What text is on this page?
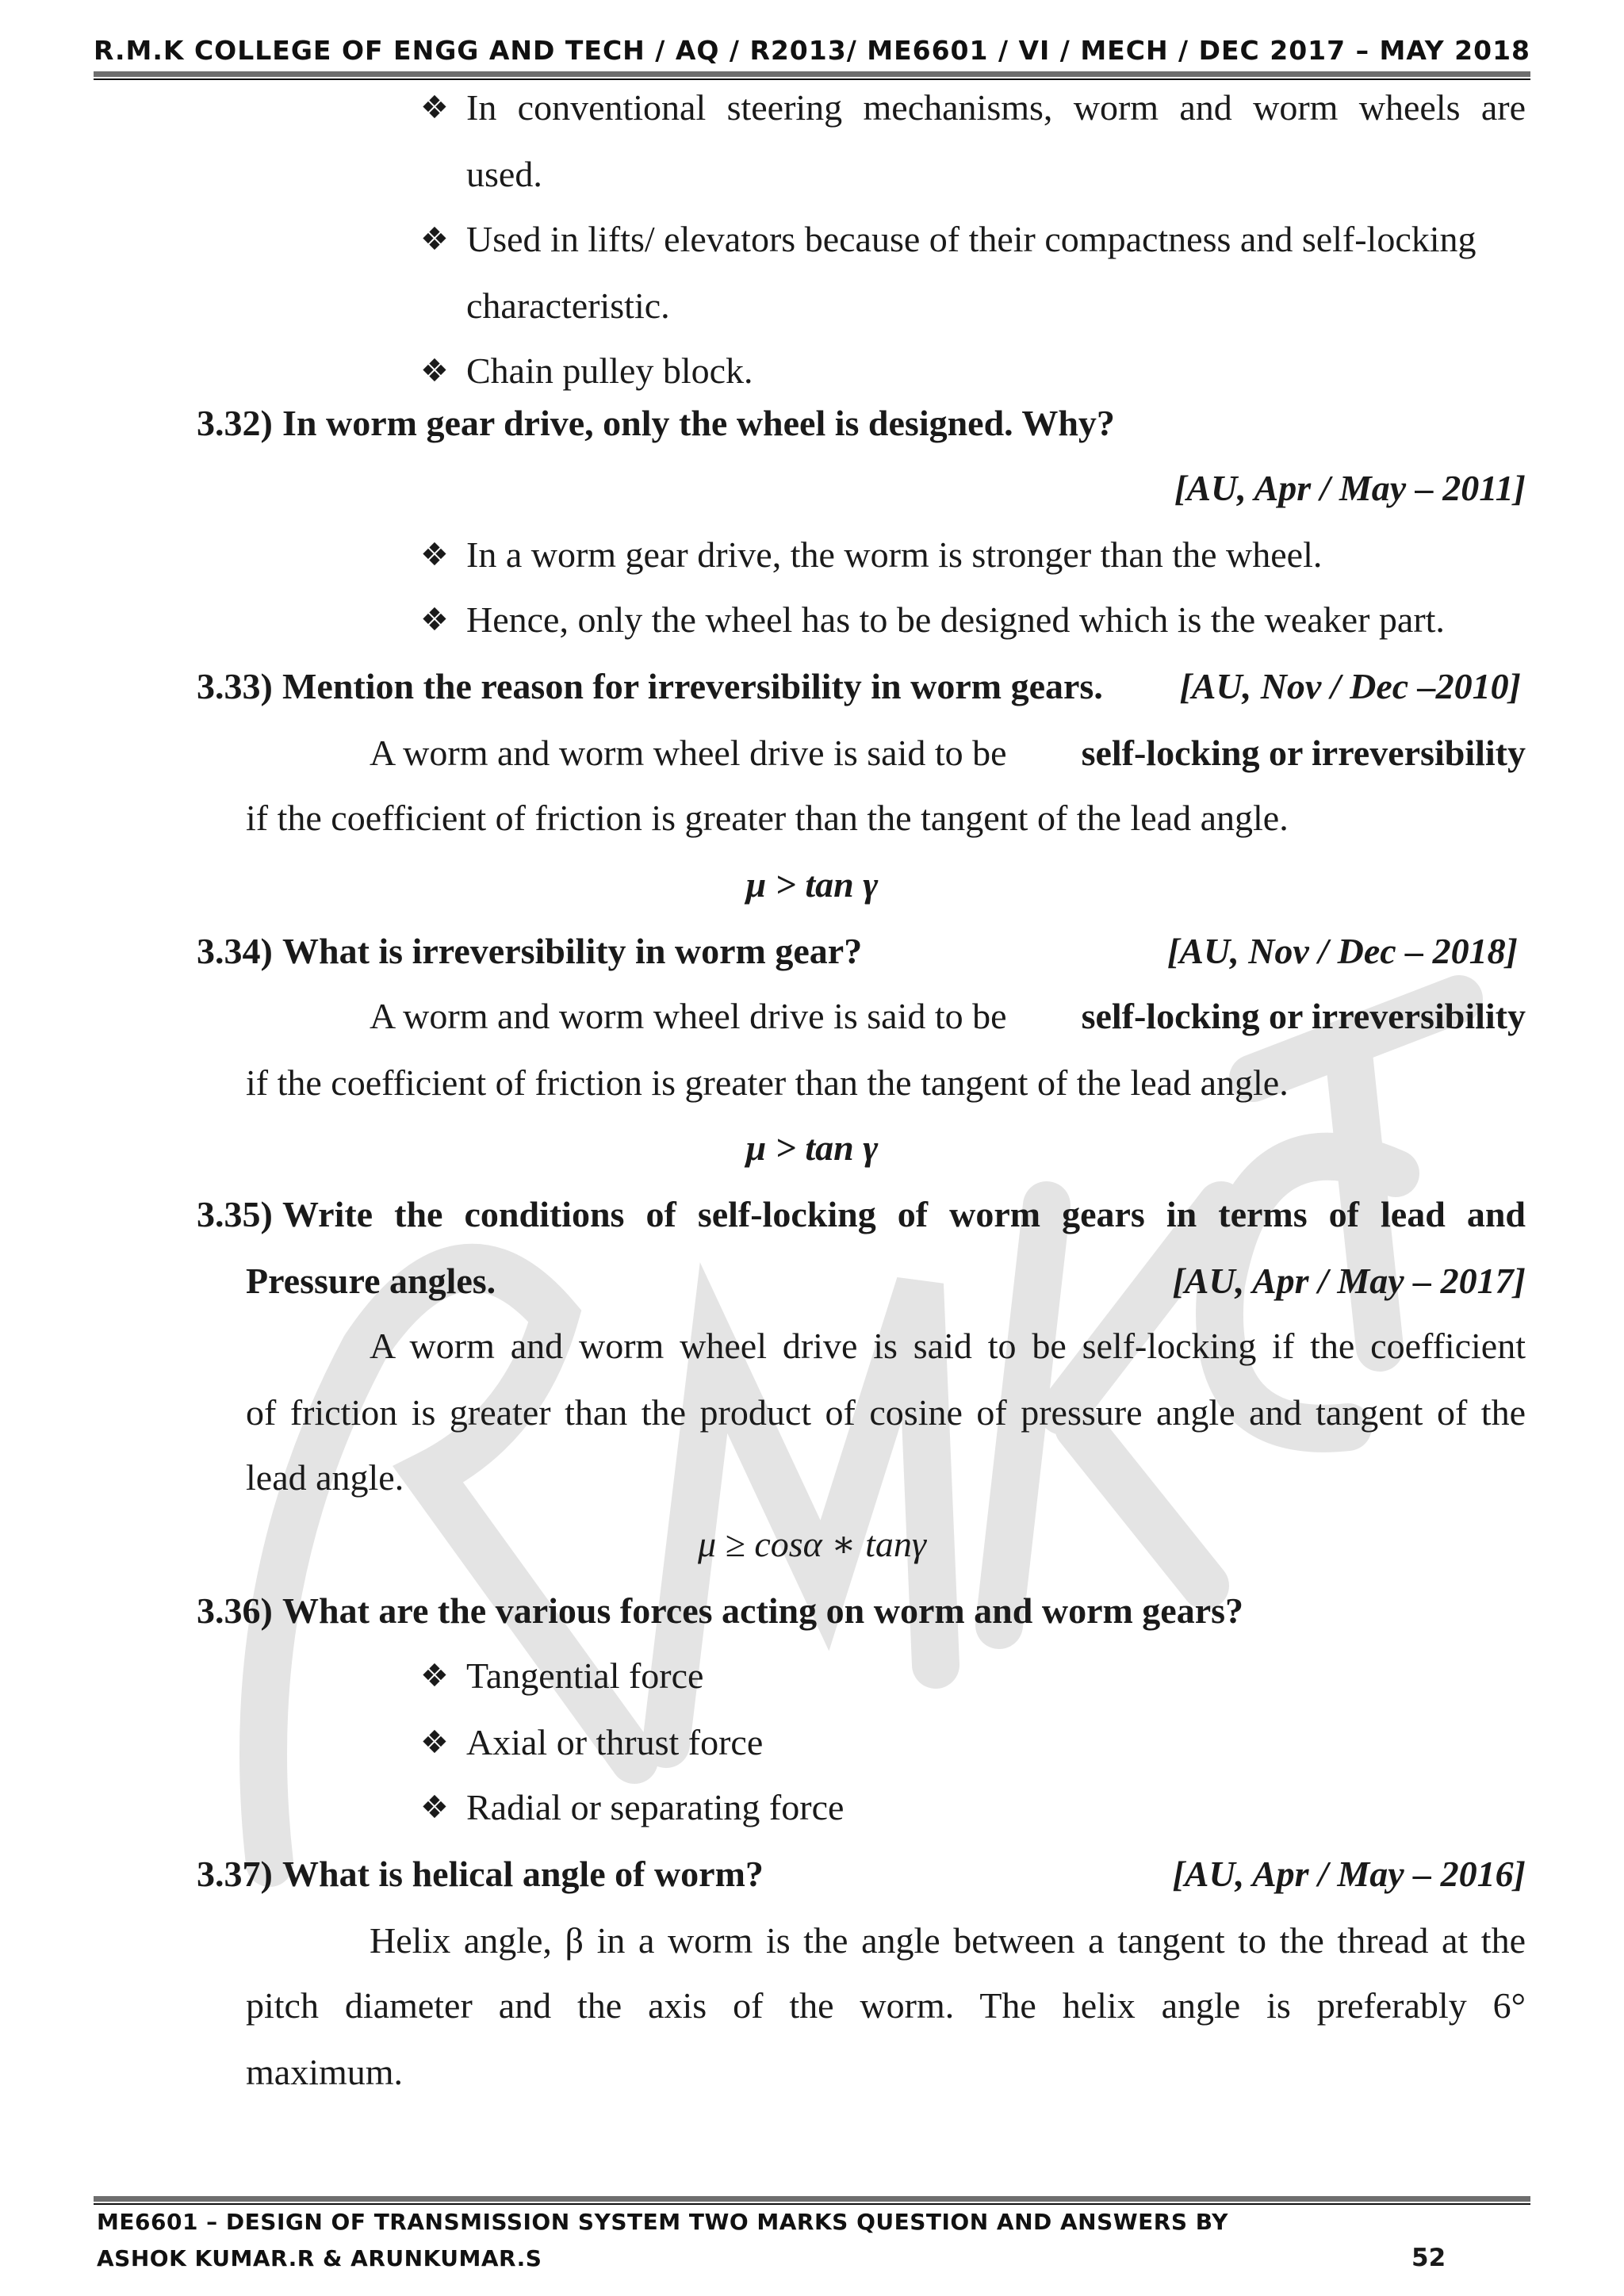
R.M.K COLLEGE OF ENGG AND TECH / AQ / R2013/ ME6601 / VI / MECH / DEC 2017 – MAY 2018
❖ In conventional steering mechanisms, worm and worm wheels are
used.
❖ Used in lifts/ elevators because of their compactness and self-locking
characteristic.
❖ Chain pulley block.
3.32) In worm gear drive, only the wheel is designed. Why?
[AU, Apr / May – 2011]
❖ In a worm gear drive, the worm is stronger than the wheel.
❖ Hence, only the wheel has to be designed which is the weaker part.
3.33) Mention the reason for irreversibility in worm gears. [AU, Nov / Dec –2010]
A worm and worm wheel drive is said to be self-locking or irreversibility
if the coefficient of friction is greater than the tangent of the lead angle.
μ > tan γ
3.34) What is irreversibility in worm gear?	[AU, Nov / Dec – 2018]
A worm and worm wheel drive is said to be self-locking or irreversibility
if the coefficient of friction is greater than the tangent of the lead angle.
μ > tan γ
3.35) Write the conditions of self-locking of worm gears in terms of lead and
Pressure angles.	[AU, Apr / May – 2017]
A worm and worm wheel drive is said to be self-locking if the coefficient
of friction is greater than the product of cosine of pressure angle and tangent of the
lead angle.
μ ≥ cosα ∗ tanγ
3.36) What are the various forces acting on worm and worm gears?
❖ Tangential force
❖ Axial or thrust force
❖ Radial or separating force
3.37) What is helical angle of worm?	[AU, Apr / May – 2016]
Helix angle, β in a worm is the angle between a tangent to the thread at the
pitch diameter and the axis of the worm. The helix angle is preferably 6°
maximum.
ME6601 – DESIGN OF TRANSMISSION SYSTEM TWO MARKS QUESTION AND ANSWERS BY
ASHOK KUMAR.R & ARUNKUMAR.S	52
